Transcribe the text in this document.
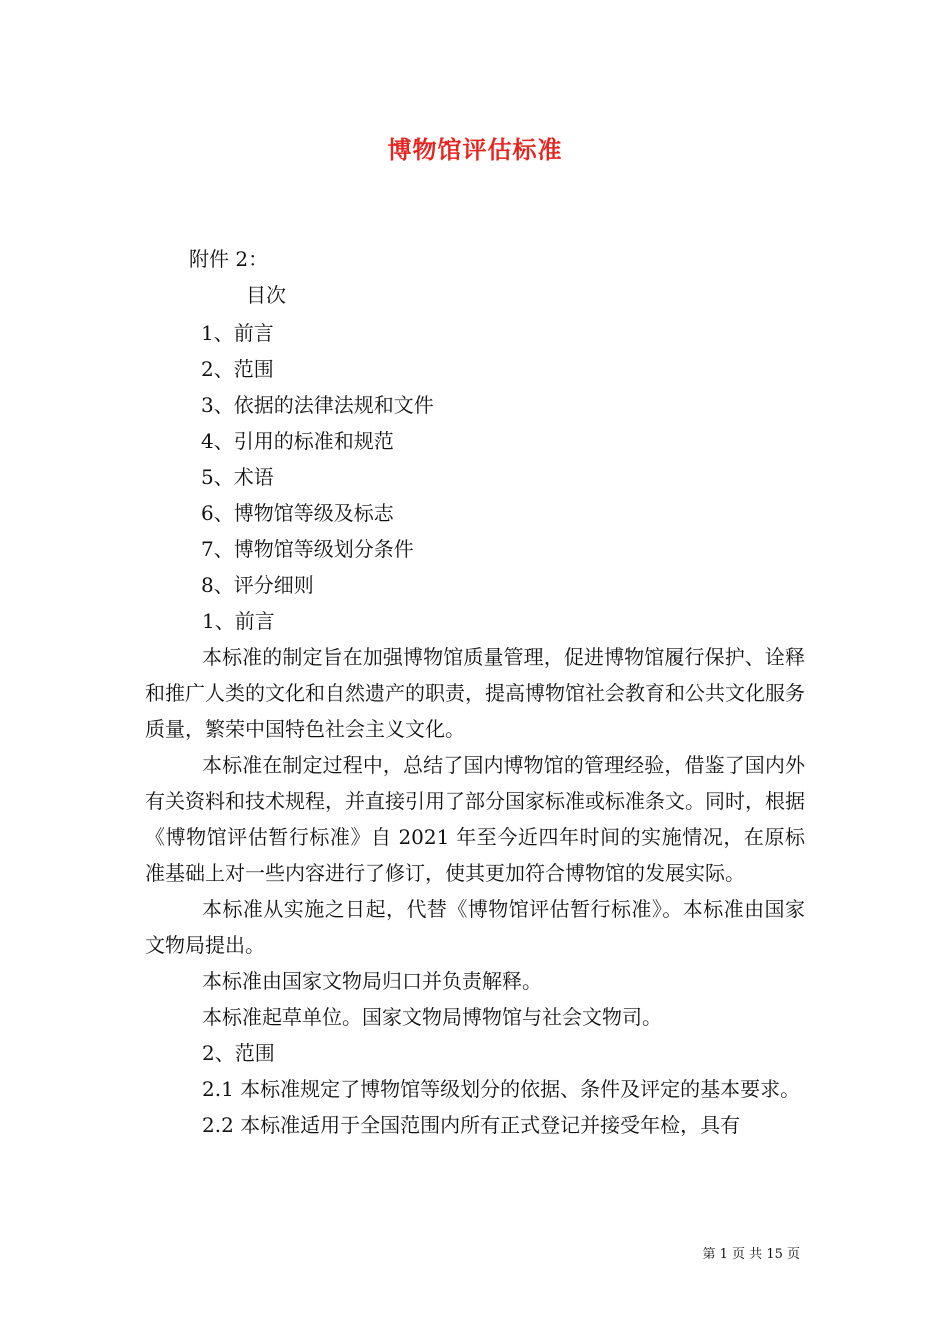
博物馆评估标准
附件 2：
目次
1、前言
2、范围
3、依据的法律法规和文件
4、引用的标准和规范
5、术语
6、博物馆等级及标志
7、博物馆等级划分条件
8、评分细则

1、前言

本标准的制定旨在加强博物馆质量管理，促进博物馆履行保护、诠释和推广人类的文化和自然遗产的职责，提高博物馆社会教育和公共文化服务质量，繁荣中国特色社会主义文化。

本标准在制定过程中，总结了国内博物馆的管理经验，借鉴了国内外有关资料和技术规程，并直接引用了部分国家标准或标准条文。同时，根据《博物馆评估暂行标准》自 2021 年至今近四年时间的实施情况，在原标准基础上对一些内容进行了修订，使其更加符合博物馆的发展实际。

本标准从实施之日起，代替《博物馆评估暂行标准》。本标准由国家文物局提出。

本标准由国家文物局归口并负责解释。

本标准起草单位。国家文物局博物馆与社会文物司。

2、范围

2.1 本标准规定了博物馆等级划分的依据、条件及评定的基本要求。

2.2 本标准适用于全国范围内所有正式登记并接受年检，具有

第 1 页 共 15 页
